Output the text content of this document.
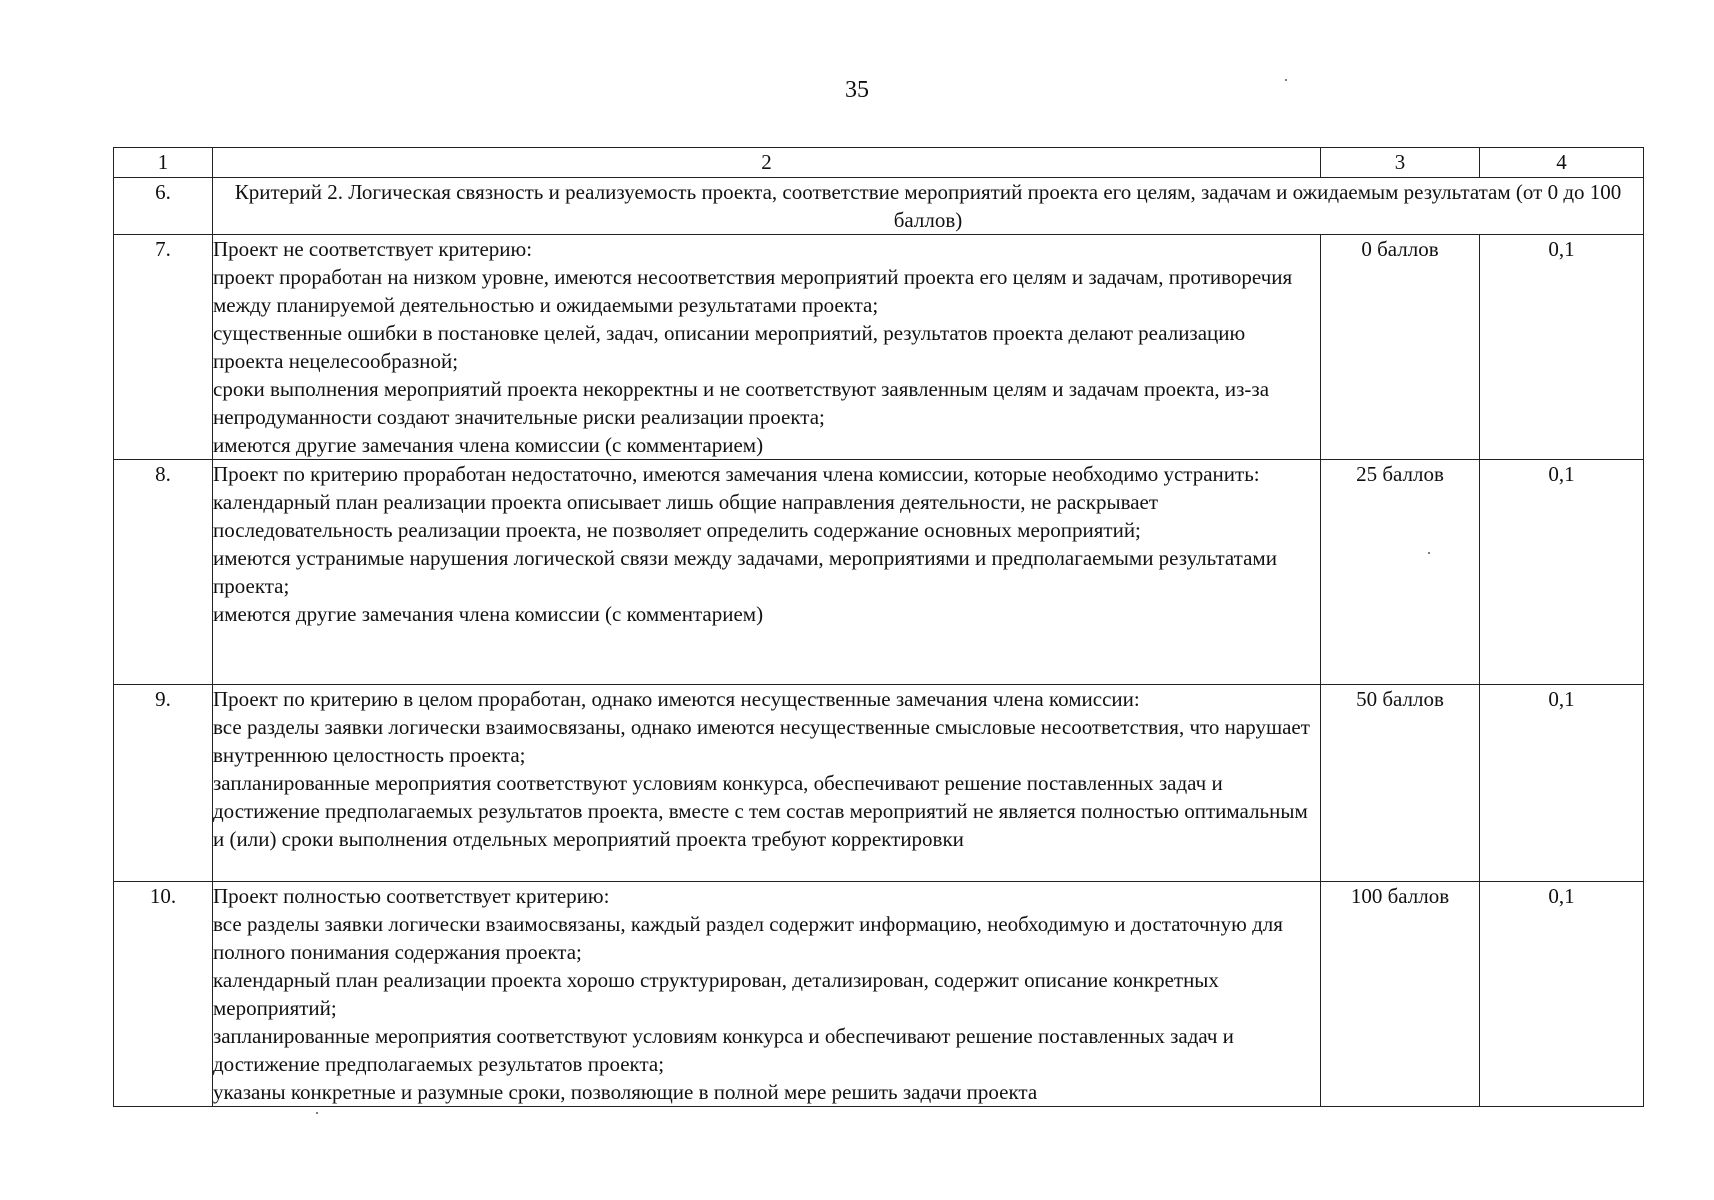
35
1	2	3	4
6.	Критерий 2. Логическая связность и реализуемость проекта, соответствие мероприятий проекта его целям, задачам и ожидаемым результатам (от 0 до 100 баллов)		
7.	Проект не соответствует критерию:
проект проработан на низком уровне, имеются несоответствия мероприятий проекта его целям и задачам, противоречия между планируемой деятельностью и ожидаемыми результатами проекта;
существенные ошибки в постановке целей, задач, описании мероприятий, результатов проекта делают реализацию проекта нецелесообразной;
сроки выполнения мероприятий проекта некорректны и не соответствуют заявленным целям и задачам проекта, из-за непродуманности создают значительные риски реализации проекта;
имеются другие замечания члена комиссии (с комментарием)	0 баллов	0,1
8.	Проект по критерию проработан недостаточно, имеются замечания члена комиссии, которые необходимо устранить:
календарный план реализации проекта описывает лишь общие направления деятельности, не раскрывает последовательность реализации проекта, не позволяет определить содержание основных мероприятий;
имеются устранимые нарушения логической связи между задачами, мероприятиями и предполагаемыми результатами проекта;
имеются другие замечания члена комиссии (с комментарием)	25 баллов	0,1
9.	Проект по критерию в целом проработан, однако имеются несущественные замечания члена комиссии:
все разделы заявки логически взаимосвязаны, однако имеются несущественные смысловые несоответствия, что нарушает внутреннюю целостность проекта;
запланированные мероприятия соответствуют условиям конкурса, обеспечивают решение поставленных задач и достижение предполагаемых результатов проекта, вместе с тем состав мероприятий не является полностью оптимальным и (или) сроки выполнения отдельных мероприятий проекта требуют корректировки	50 баллов	0,1
10.	Проект полностью соответствует критерию:
все разделы заявки логически взаимосвязаны, каждый раздел содержит информацию, необходимую и достаточную для полного понимания содержания проекта;
календарный план реализации проекта хорошо структурирован, детализирован, содержит описание конкретных мероприятий;
запланированные мероприятия соответствуют условиям конкурса и обеспечивают решение поставленных задач и достижение предполагаемых результатов проекта;
указаны конкретные и разумные сроки, позволяющие в полной мере решить задачи проекта	100 баллов	0,1
